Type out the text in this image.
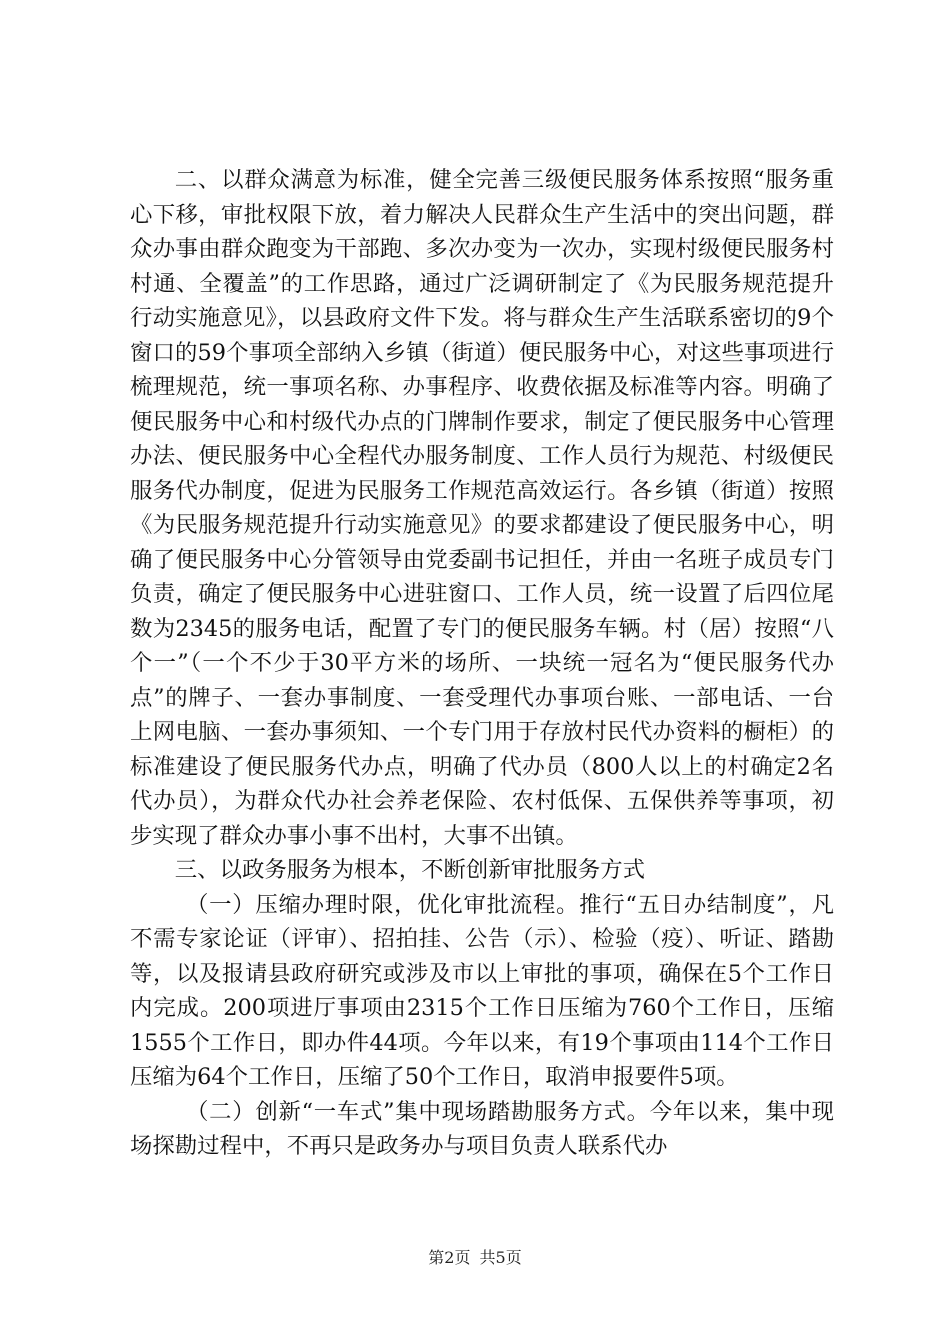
二、以群众满意为标准，健全完善三级便民服务体系按照“服务重心下移，审批权限下放，着力解决人民群众生产生活中的突出问题，群众办事由群众跑变为干部跑、多次办变为一次办，实现村级便民服务村村通、全覆盖”的工作思路，通过广泛调研制定了《为民服务规范提升行动实施意见》，以县政府文件下发。将与群众生产生活联系密切的9个窗口的59个事项全部纳入乡镇（街道）便民服务中心，对这些事项进行梳理规范，统一事项名称、办事程序、收费依据及标准等内容。明确了便民服务中心和村级代办点的门牌制作要求，制定了便民服务中心管理办法、便民服务中心全程代办服务制度、工作人员行为规范、村级便民服务代办制度，促进为民服务工作规范高效运行。各乡镇（街道）按照《为民服务规范提升行动实施意见》的要求都建设了便民服务中心，明确了便民服务中心分管领导由党委副书记担任，并由一名班子成员专门负责，确定了便民服务中心进驻窗口、工作人员，统一设置了后四位尾数为2345的服务电话，配置了专门的便民服务车辆。村（居）按照“八个一”（一个不少于30平方米的场所、一块统一冠名为“便民服务代办点”的牌子、一套办事制度、一套受理代办事项台账、一部电话、一台上网电脑、一套办事须知、一个专门用于存放村民代办资料的橱柜）的标准建设了便民服务代办点，明确了代办员（800人以上的村确定2名代办员），为群众代办社会养老保险、农村低保、五保供养等事项，初步实现了群众办事小事不出村，大事不出镇。

三、以政务服务为根本，不断创新审批服务方式

（一）压缩办理时限，优化审批流程。推行“五日办结制度”，凡不需专家论证（评审）、招拍挂、公告（示）、检验（疫）、听证、踏勘等，以及报请县政府研究或涉及市以上审批的事项，确保在5个工作日内完成。200项进厅事项由2315个工作日压缩为760个工作日，压缩1555个工作日，即办件44项。今年以来，有19个事项由114个工作日压缩为64个工作日，压缩了50个工作日，取消申报要件5项。

（二）创新“一车式”集中现场踏勘服务方式。今年以来，集中现场探勘过程中，不再只是政务办与项目负责人联系代办

第2页 共5页
